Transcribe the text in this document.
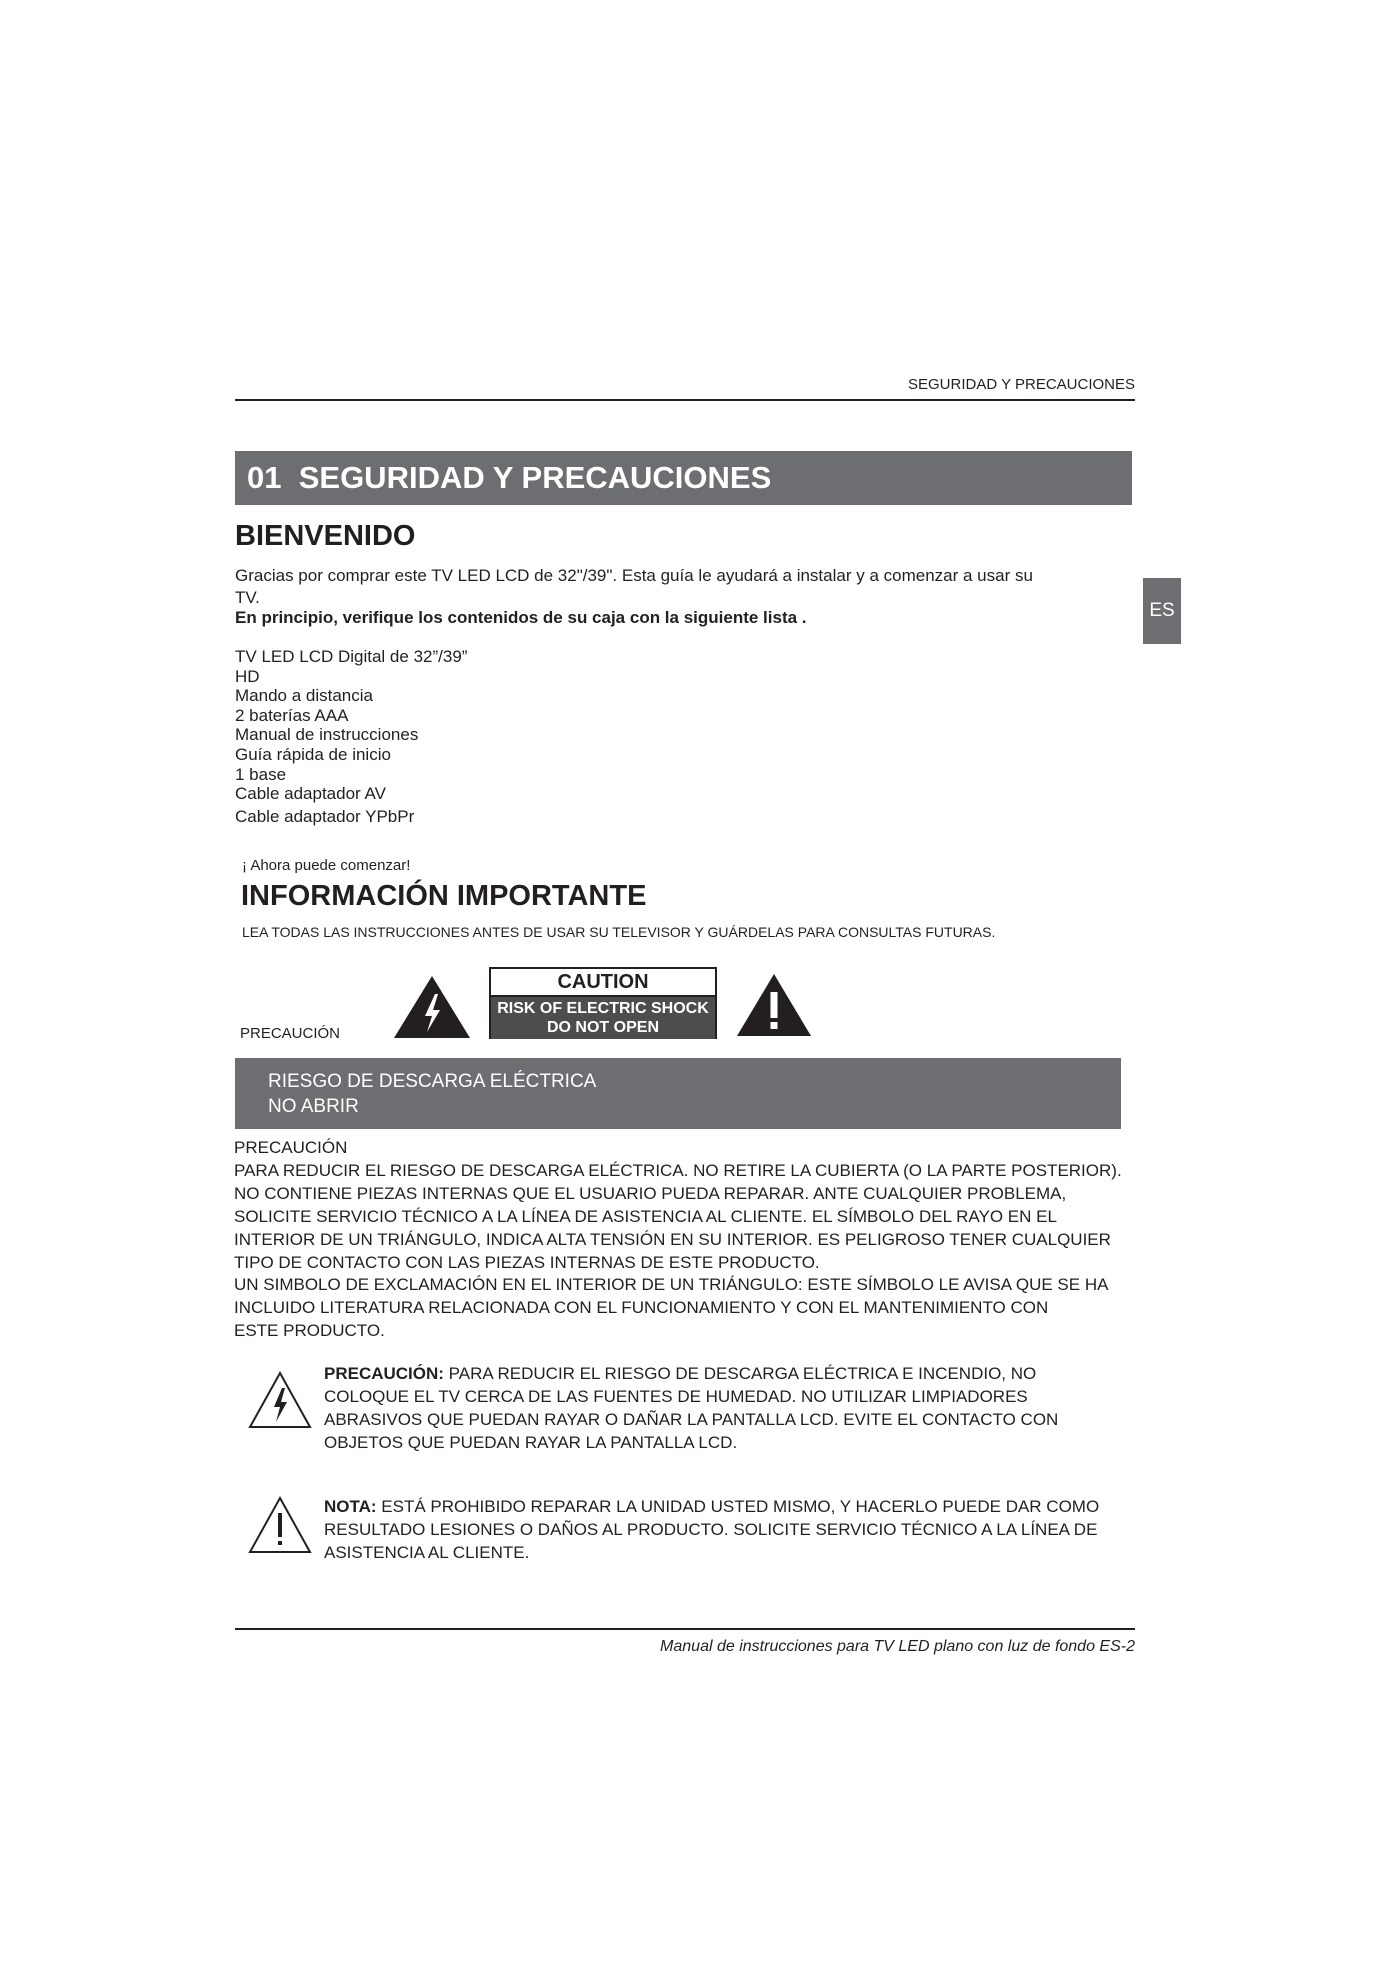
SEGURIDAD Y PRECAUCIONES
01 SEGURIDAD Y PRECAUCIONES
ES
BIENVENIDO
Gracias por comprar este TV LED LCD de 32"/39". Esta guía le ayudará a instalar y a comenzar a usar su TV.
En principio, verifique los contenidos de su caja con la siguiente lista .
TV LED LCD Digital de 32”/39”
HD
Mando a distancia
2 baterías AAA
Manual de instrucciones
Guía rápida de inicio
1 base
Cable adaptador AV
Cable adaptador YPbPr
¡ Ahora puede comenzar!
INFORMACIÓN IMPORTANTE
LEA TODAS LAS INSTRUCCIONES ANTES DE USAR SU TELEVISOR Y GUÁRDELAS PARA CONSULTAS FUTURAS.
PRECAUCIÓN
CAUTION
RISK OF ELECTRIC SHOCK
DO NOT OPEN
RIESGO DE DESCARGA ELÉCTRICA
NO ABRIR
PRECAUCIÓN
PARA REDUCIR EL RIESGO DE DESCARGA ELÉCTRICA. NO RETIRE LA CUBIERTA (O LA PARTE POSTERIOR).
NO CONTIENE PIEZAS INTERNAS QUE EL USUARIO PUEDA REPARAR. ANTE CUALQUIER PROBLEMA,
SOLICITE SERVICIO TÉCNICO A LA LÍNEA DE ASISTENCIA AL CLIENTE. EL SÍMBOLO DEL RAYO EN EL
INTERIOR DE UN TRIÁNGULO, INDICA ALTA TENSIÓN EN SU INTERIOR. ES PELIGROSO TENER CUALQUIER
TIPO DE CONTACTO CON LAS PIEZAS INTERNAS DE ESTE PRODUCTO.
UN SIMBOLO DE EXCLAMACIÓN EN EL INTERIOR DE UN TRIÁNGULO: ESTE SÍMBOLO LE AVISA QUE SE HA
INCLUIDO LITERATURA RELACIONADA CON EL FUNCIONAMIENTO Y CON EL MANTENIMIENTO CON
ESTE PRODUCTO.
PRECAUCIÓN: PARA REDUCIR EL RIESGO DE DESCARGA ELÉCTRICA E INCENDIO, NO
COLOQUE EL TV CERCA DE LAS FUENTES DE HUMEDAD. NO UTILIZAR LIMPIADORES
ABRASIVOS QUE PUEDAN RAYAR O DAÑAR LA PANTALLA LCD. EVITE EL CONTACTO CON
OBJETOS QUE PUEDAN RAYAR LA PANTALLA LCD.
NOTA: ESTÁ PROHIBIDO REPARAR LA UNIDAD USTED MISMO, Y HACERLO PUEDE DAR COMO
RESULTADO LESIONES O DAÑOS AL PRODUCTO. SOLICITE SERVICIO TÉCNICO A LA LÍNEA DE
ASISTENCIA AL CLIENTE.
Manual de instrucciones para TV LED plano con luz de fondo ES-2
